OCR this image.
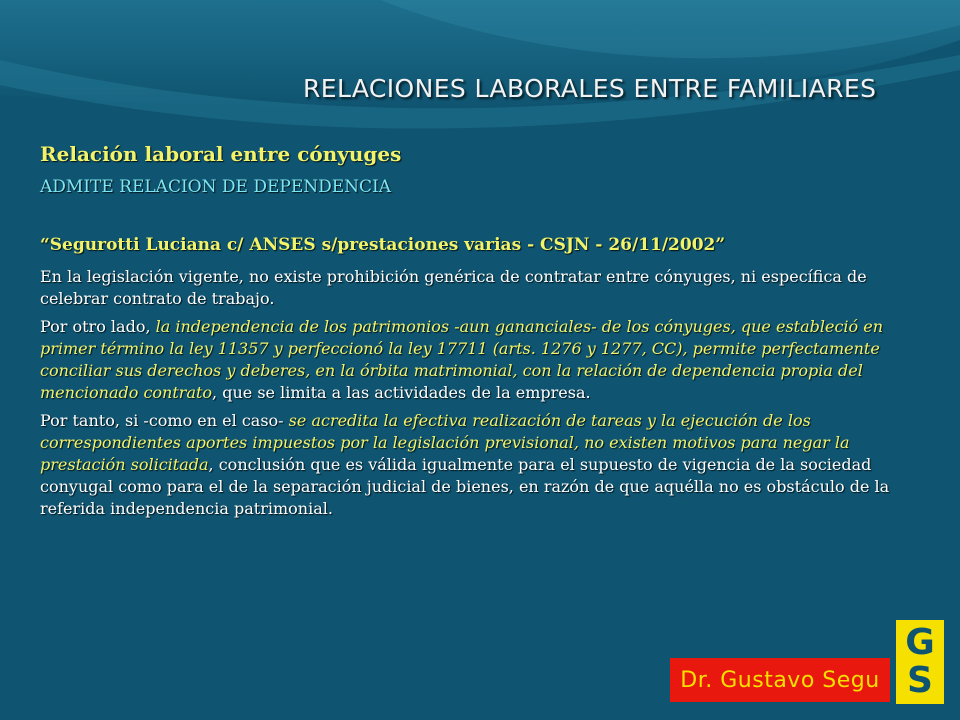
RELACIONES LABORALES ENTRE FAMILIARES
Relación laboral entre cónyuges
ADMITE RELACION DE DEPENDENCIA
“Segurotti Luciana c/ ANSES s/prestaciones varias - CSJN - 26/11/2002”

En la legislación vigente, no existe prohibición genérica de contratar entre cónyuges, ni específica de celebrar contrato de trabajo.

Por otro lado, la independencia de los patrimonios -aun gananciales- de los cónyuges, que estableció en primer término la ley 11357 y perfeccionó la ley 17711 (arts. 1276 y 1277, CC), permite perfectamente conciliar sus derechos y deberes, en la órbita matrimonial, con la relación de dependencia propia del mencionado contrato, que se limita a las actividades de la empresa.

Por tanto, si -como en el caso- se acredita la efectiva realización de tareas y la ejecución de los correspondientes aportes impuestos por la legislación previsional, no existen motivos para negar la prestación solicitada, conclusión que es válida igualmente para el supuesto de vigencia de la sociedad conyugal como para el de la separación judicial de bienes, en razón de que aquélla no es obstáculo de la referida independencia patrimonial.

Dr. Gustavo Segu
G
S
